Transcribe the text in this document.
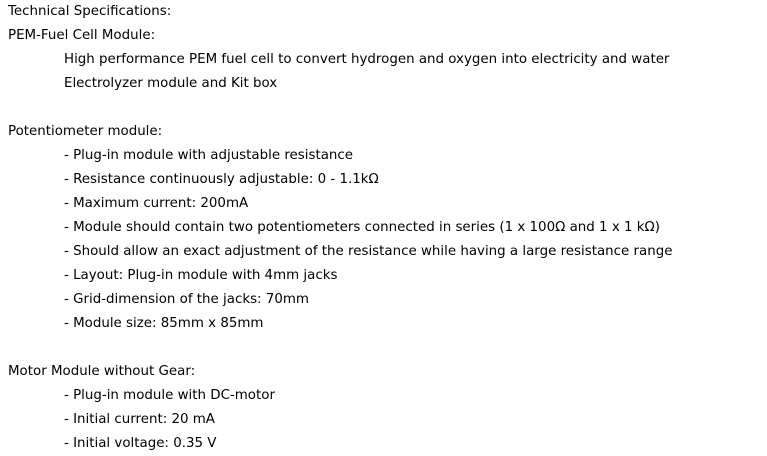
Technical Specifications:
PEM-Fuel Cell Module:
High performance PEM fuel cell to convert hydrogen and oxygen into electricity and water
Electrolyzer module and Kit box
Potentiometer module:
- Plug-in module with adjustable resistance
- Resistance continuously adjustable: 0 - 1.1kΩ
- Maximum current: 200mA
- Module should contain two potentiometers connected in series (1 x 100Ω and 1 x 1 kΩ)
- Should allow an exact adjustment of the resistance while having a large resistance range
- Layout: Plug-in module with 4mm jacks
- Grid-dimension of the jacks: 70mm
- Module size: 85mm x 85mm
Motor Module without Gear:
- Plug-in module with DC-motor
- Initial current: 20 mA
- Initial voltage: 0.35 V
